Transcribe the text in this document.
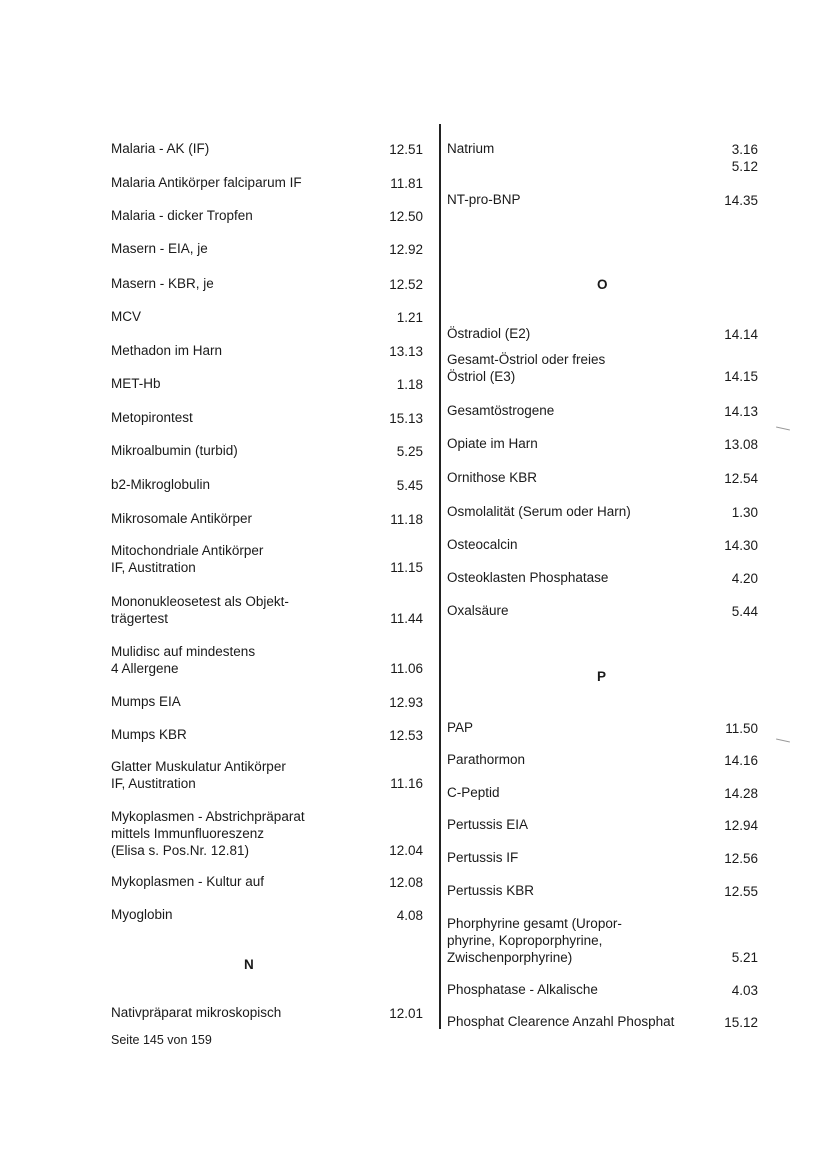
Malaria - AK (IF)	12.51
Malaria Antikörper falciparum IF	11.81
Malaria - dicker Tropfen	12.50
Masern - EIA, je	12.92
Masern - KBR, je	12.52
MCV	1.21
Methadon im Harn	13.13
MET-Hb	1.18
Metopirontest	15.13
Mikroalbumin (turbid)	5.25
b2-Mikroglobulin	5.45
Mikrosomale Antikörper	11.18
Mitochondriale Antikörper
IF, Austitration	11.15
Mononukleosetest als Objekt-
trägertest	11.44
Mulidisc auf mindestens
4 Allergene	11.06
Mumps EIA	12.93
Mumps KBR	12.53
Glatter Muskulatur Antikörper
IF, Austitration	11.16
Mykoplasmen - Abstrichpräparat
mittels Immunfluoreszenz
(Elisa s. Pos.Nr. 12.81)	12.04
Mykoplasmen - Kultur auf	12.08
Myoglobin	4.08
Nativpräparat mikroskopisch	12.01
N
Natrium	3.16
5.12
NT-pro-BNP	14.35
Östradiol (E2)	14.14
Gesamt-Östriol oder freies
Östriol (E3)	14.15
Gesamtöstrogene	14.13
Opiate im Harn	13.08
Ornithose KBR	12.54
Osmolalität (Serum oder Harn)	1.30
Osteocalcin	14.30
Osteoklasten Phosphatase	4.20
Oxalsäure	5.44
PAP	11.50
Parathormon	14.16
C-Peptid	14.28
Pertussis EIA	12.94
Pertussis IF	12.56
Pertussis KBR	12.55
Phorphyrine gesamt (Uropor-
phyrine, Koproporphyrine,
Zwischenporphyrine)	5.21
Phosphatase - Alkalische	4.03
Phosphat Clearence Anzahl Phosphat	15.12
O
P
Seite 145 von 159
